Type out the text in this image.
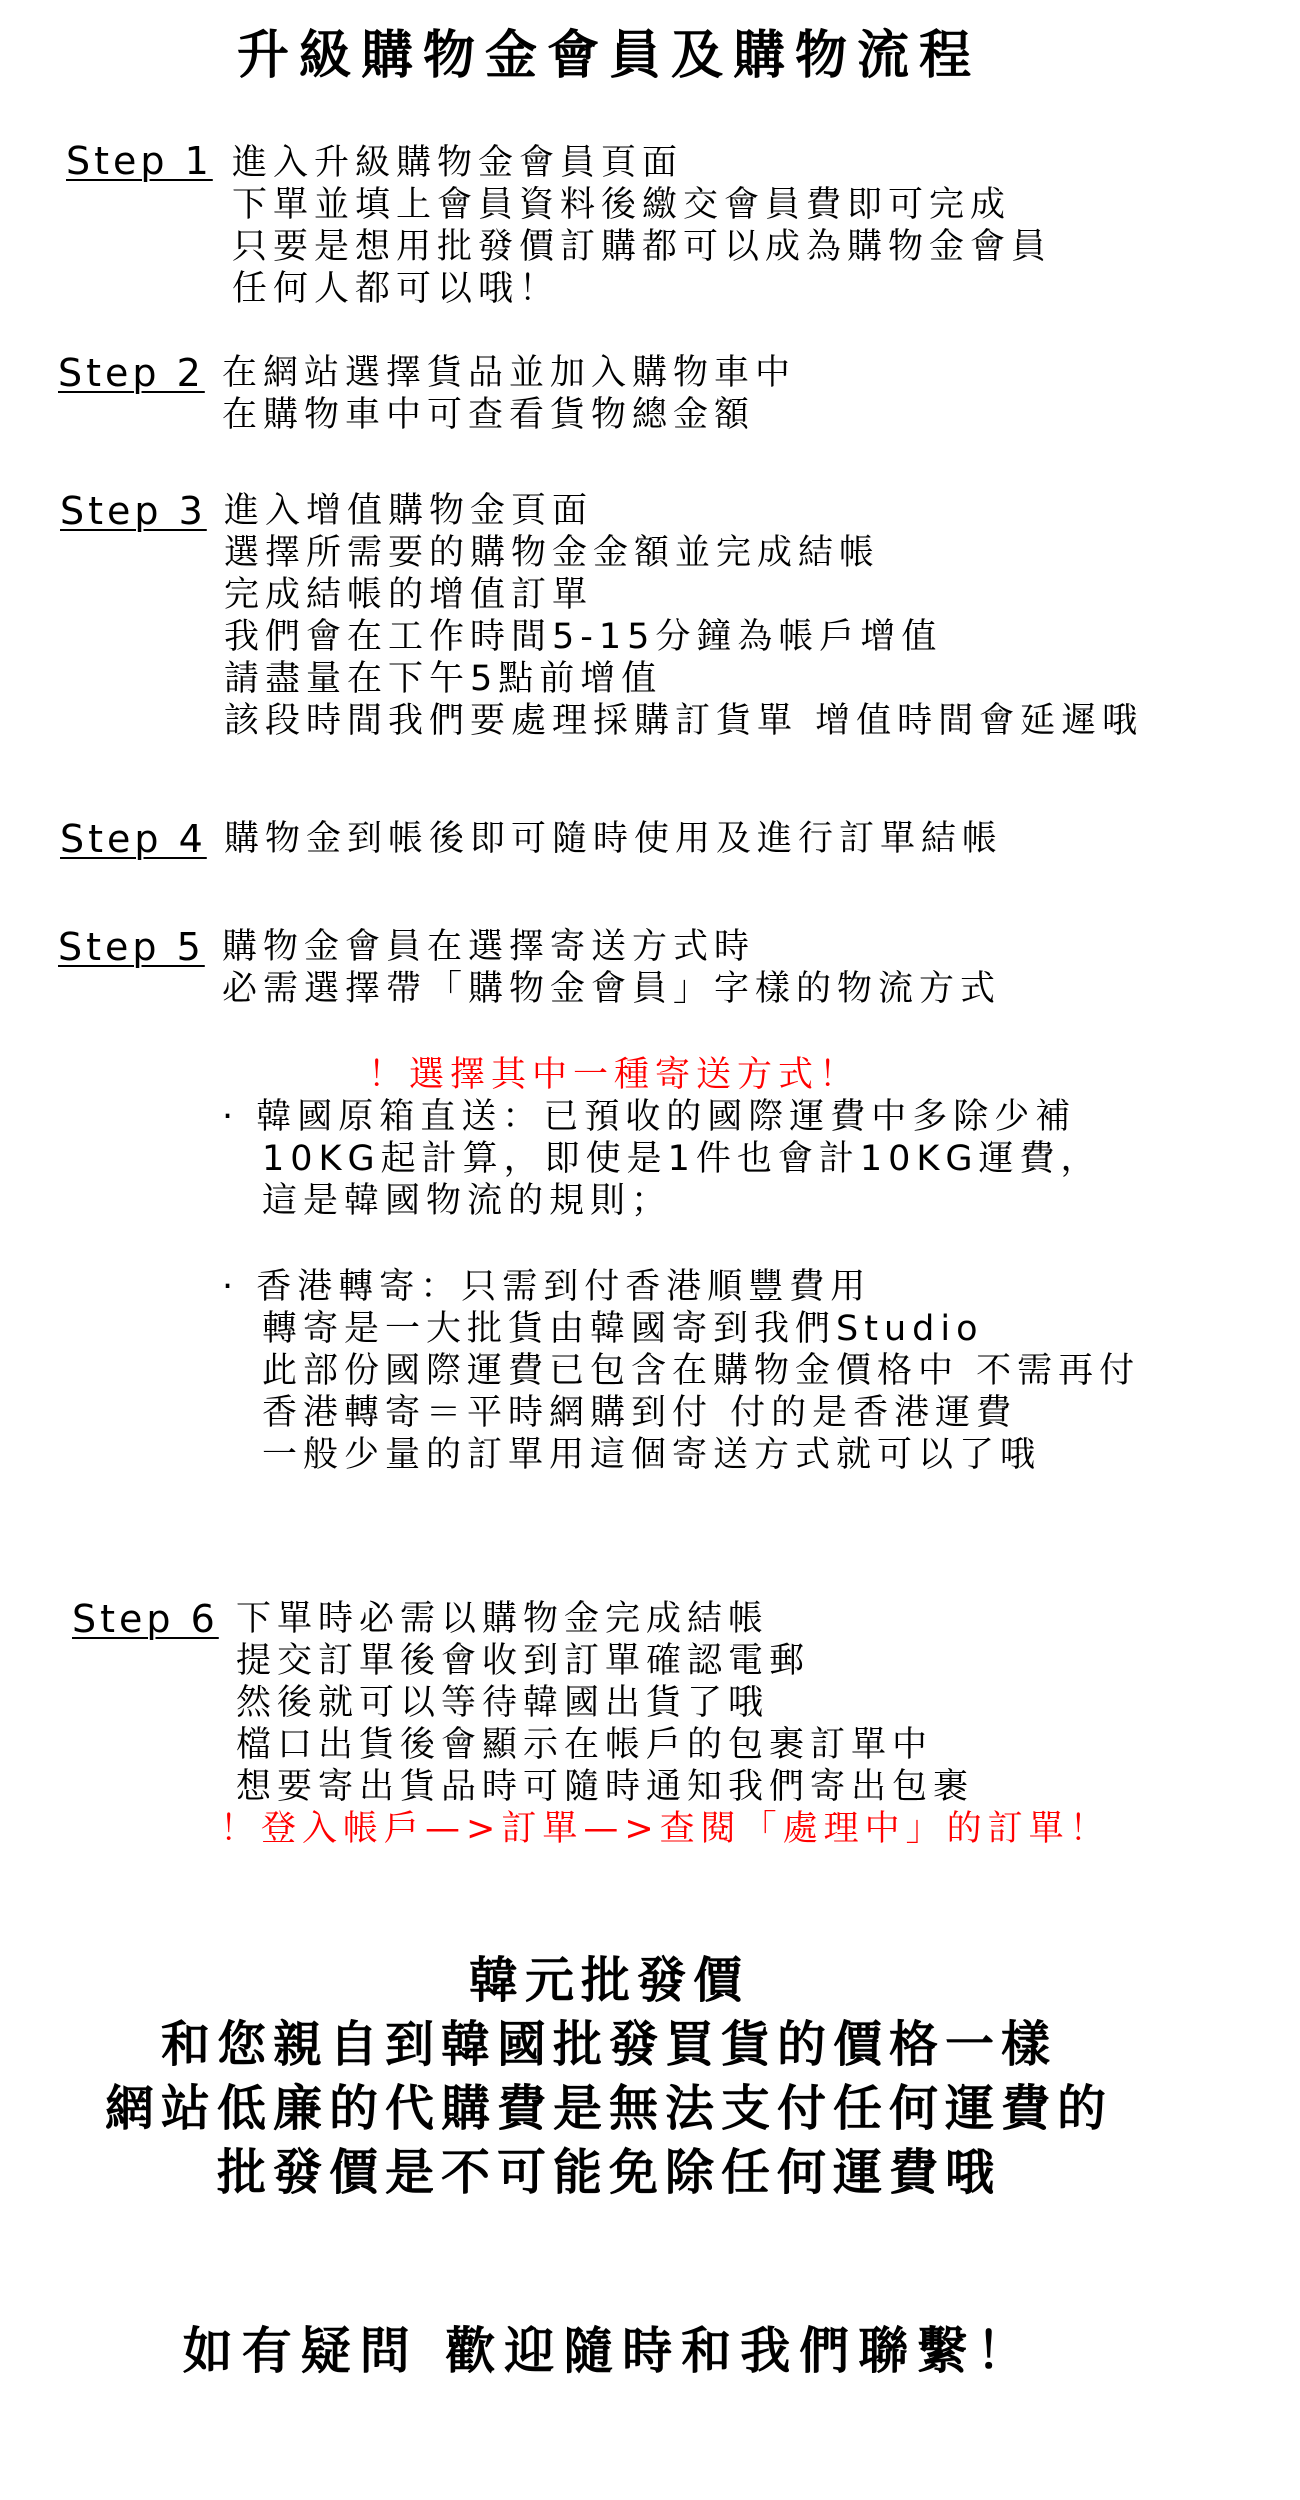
升級購物金會員及購物流程
Step 1 進入升級購物金會員頁面
下單並填上會員資料後繳交會員費即可完成
只要是想用批發價訂購都可以成為購物金會員
任何人都可以哦！
Step 2 在網站選擇貨品並加入購物車中
在購物車中可查看貨物總金額
Step 3 進入增值購物金頁面
選擇所需要的購物金金額並完成結帳
完成結帳的增值訂單
我們會在工作時間5-15分鐘為帳戶增值
請盡量在下午5點前增值
該段時間我們要處理採購訂貨單 增值時間會延遲哦
Step 4 購物金到帳後即可隨時使用及進行訂單結帳
Step 5 購物金會員在選擇寄送方式時
必需選擇帶「購物金會員」字樣的物流方式
！選擇其中一種寄送方式！
· 韓國原箱直送：已預收的國際運費中多除少補
10KG起計算，即使是1件也會計10KG運費，
這是韓國物流的規則；
· 香港轉寄：只需到付香港順豐費用
轉寄是一大批貨由韓國寄到我們Studio
此部份國際運費已包含在購物金價格中 不需再付
香港轉寄＝平時網購到付 付的是香港運費
一般少量的訂單用這個寄送方式就可以了哦
Step 6 下單時必需以購物金完成結帳
提交訂單後會收到訂單確認電郵
然後就可以等待韓國出貨了哦
檔口出貨後會顯示在帳戶的包裹訂單中
想要寄出貨品時可隨時通知我們寄出包裹
！登入帳戶—>訂單—>查閱「處理中」的訂單！
韓元批發價
和您親自到韓國批發買貨的價格一樣
網站低廉的代購費是無法支付任何運費的
批發價是不可能免除任何運費哦
如有疑問 歡迎隨時和我們聯繫！
